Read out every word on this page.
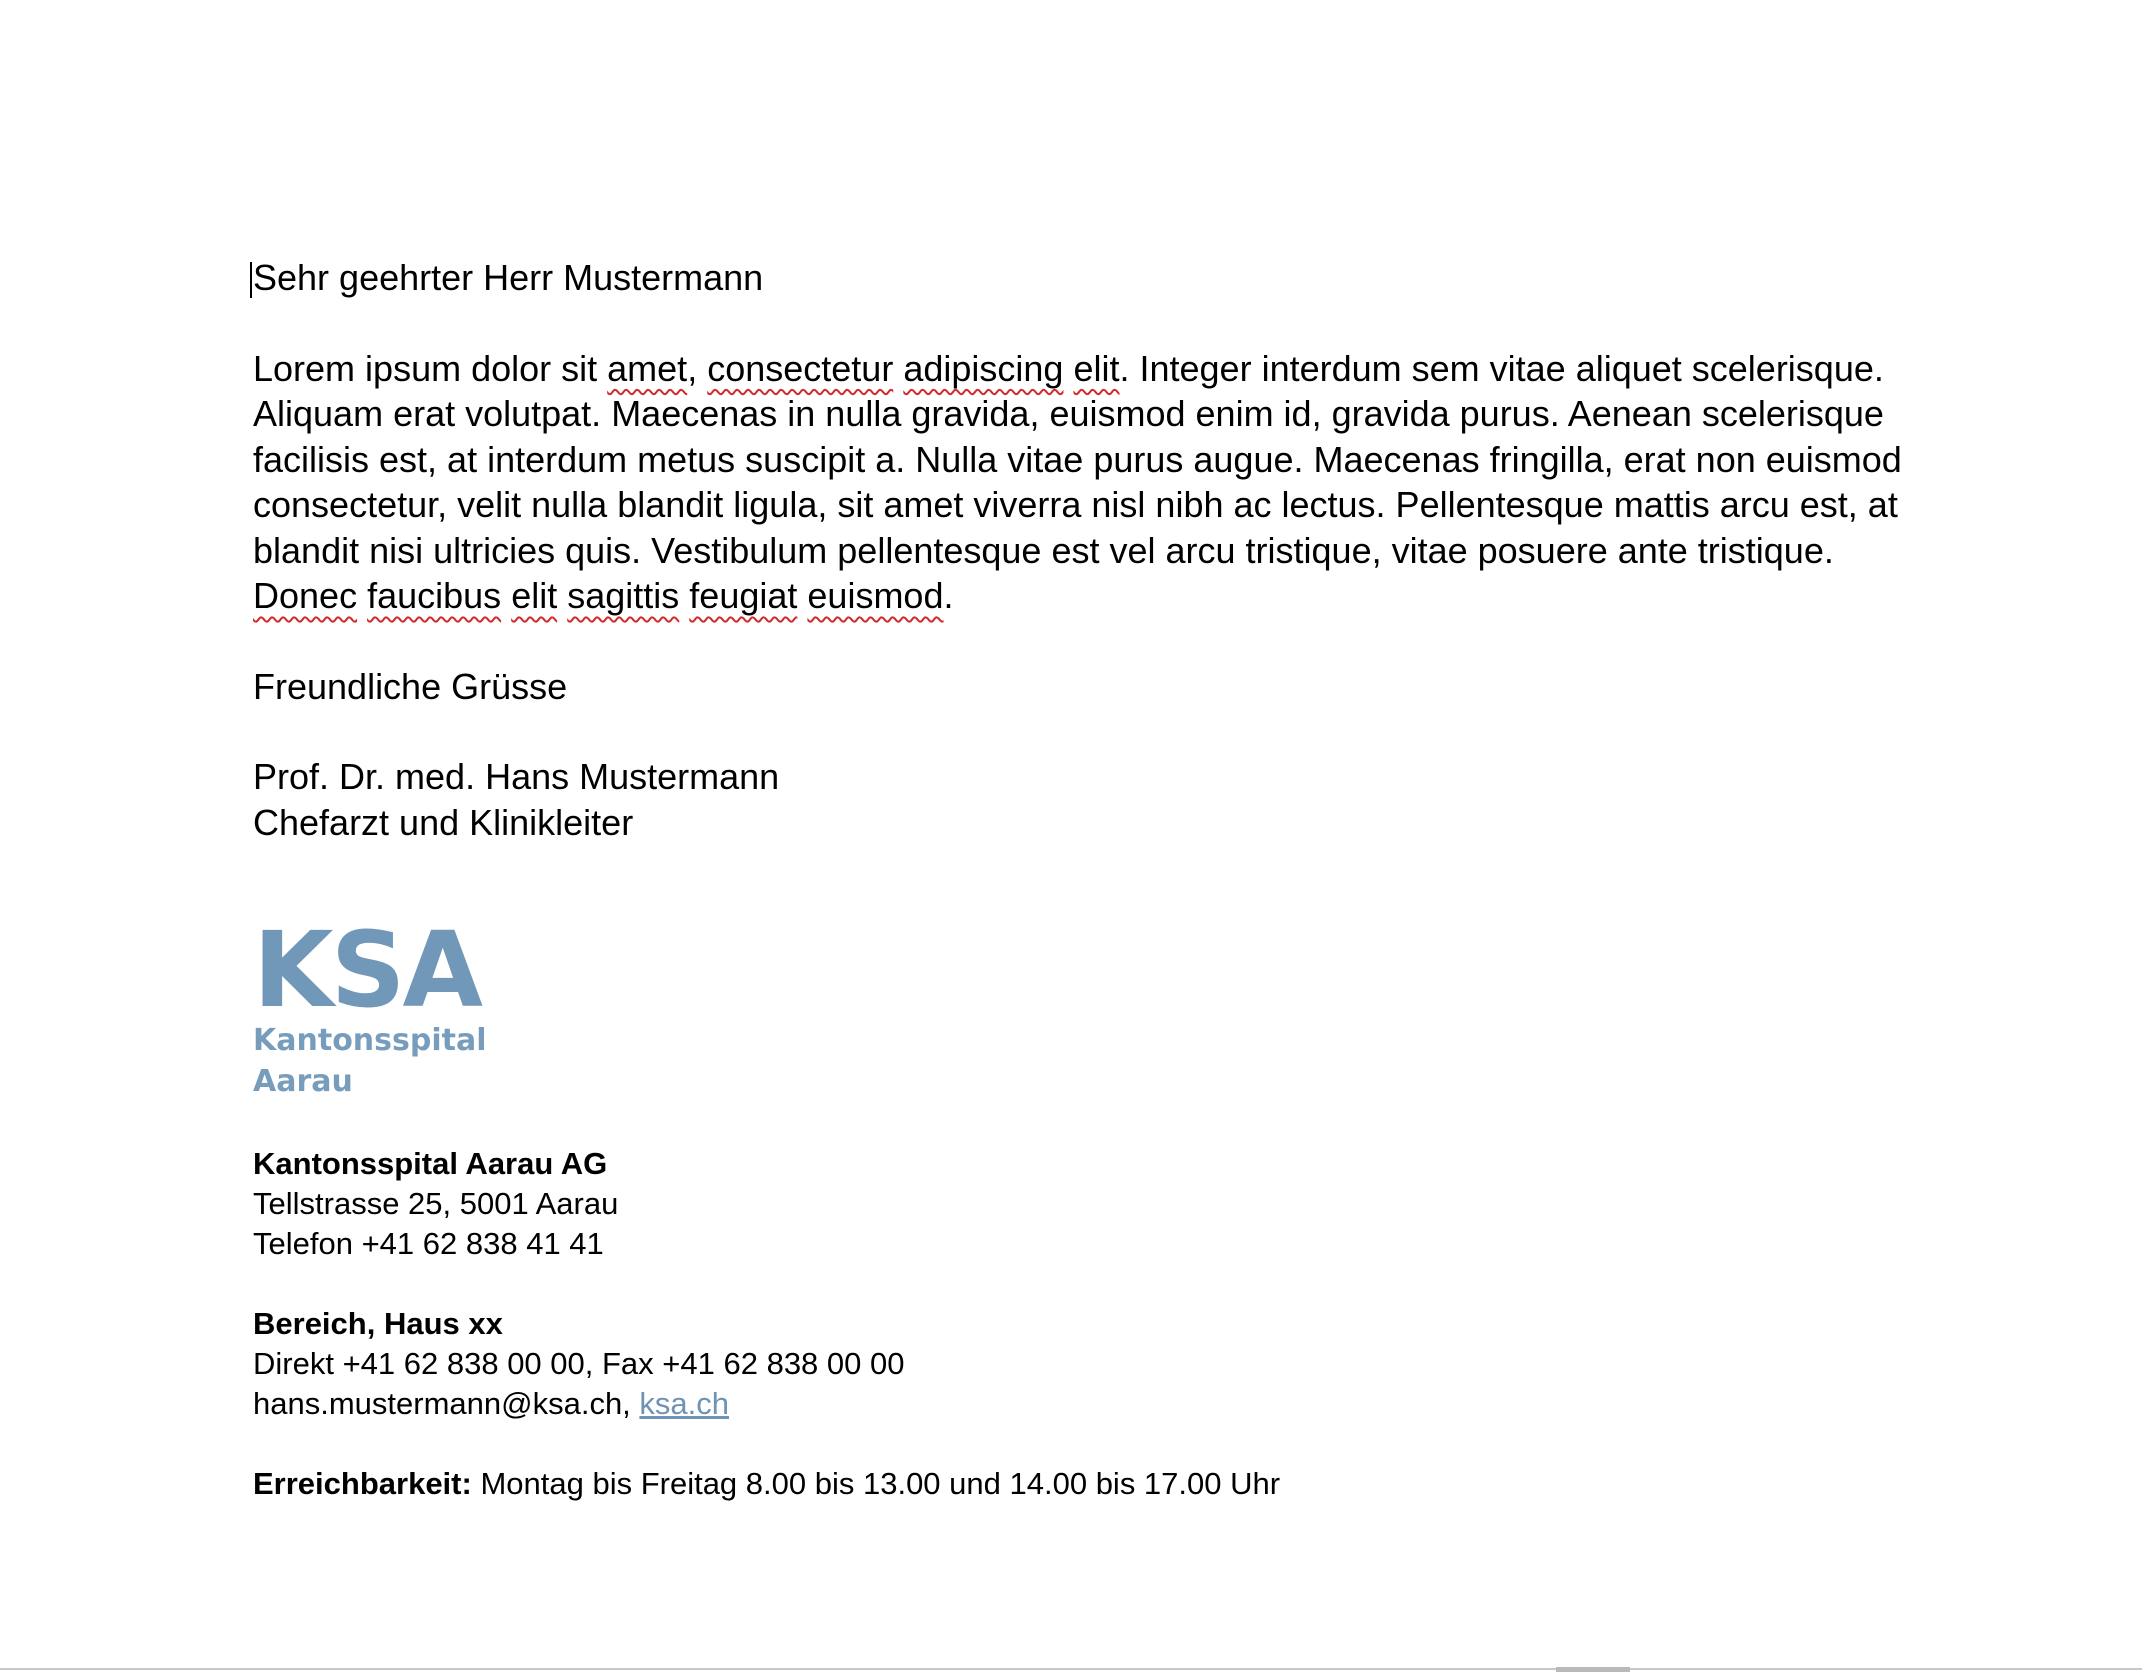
Sehr geehrter Herr Mustermann

Lorem ipsum dolor sit amet, consectetur adipiscing elit. Integer interdum sem vitae aliquet scelerisque. Aliquam erat volutpat. Maecenas in nulla gravida, euismod enim id, gravida purus. Aenean scelerisque facilisis est, at interdum metus suscipit a. Nulla vitae purus augue. Maecenas fringilla, erat non euismod consectetur, velit nulla blandit ligula, sit amet viverra nisl nibh ac lectus. Pellentesque mattis arcu est, at blandit nisi ultricies quis. Vestibulum pellentesque est vel arcu tristique, vitae posuere ante tristique. Donec faucibus elit sagittis feugiat euismod.

Freundliche Grüsse

Prof. Dr. med. Hans Mustermann

Chefarzt und Klinikleiter

KSA
Kantonsspital
Aarau
Kantonsspital Aarau AG
Tellstrasse 25, 5001 Aarau
Telefon +41 62 838 41 41
Bereich, Haus xx
Direkt +41 62 838 00 00, Fax +41 62 838 00 00
hans.mustermann@ksa.ch, ksa.ch
Erreichbarkeit: Montag bis Freitag 8.00 bis 13.00 und 14.00 bis 17.00 Uhr
